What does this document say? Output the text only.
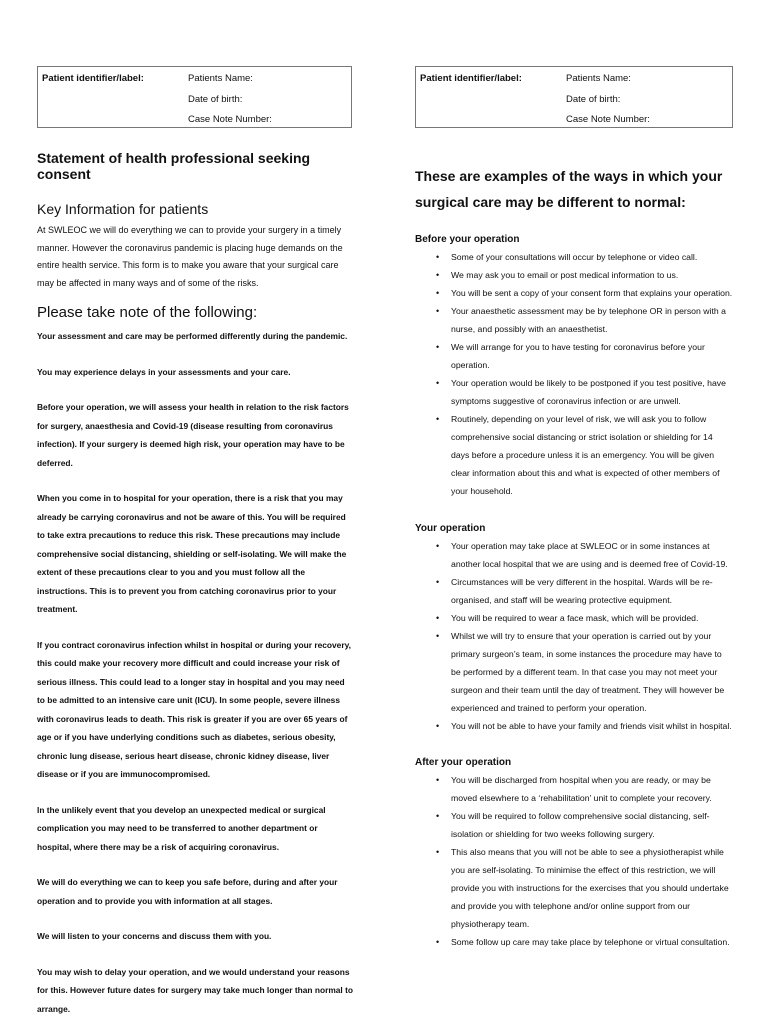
Patient identifier/label:	Patients Name:
Date of birth:
Case Note Number:
Statement of health professional seeking consent
Key Information for patients

At SWLEOC we will do everything we can to provide your surgery in a timely manner. However the coronavirus pandemic is placing huge demands on the entire health service. This form is to make you aware that your surgical care may be affected in many ways and of some of the risks.

Please take note of the following:

Your assessment and care may be performed differently during the pandemic.

You may experience delays in your assessments and your care.

Before your operation, we will assess your health in relation to the risk factors for surgery, anaesthesia and Covid-19 (disease resulting from coronavirus infection). If your surgery is deemed high risk, your operation may have to be deferred.

When you come in to hospital for your operation, there is a risk that you may already be carrying coronavirus and not be aware of this. You will be required to take extra precautions to reduce this risk. These precautions may include comprehensive social distancing, shielding or self-isolating. We will make the extent of these precautions clear to you and you must follow all the instructions. This is to prevent you from catching coronavirus prior to your treatment.

If you contract coronavirus infection whilst in hospital or during your recovery, this could make your recovery more difficult and could increase your risk of serious illness. This could lead to a longer stay in hospital and you may need to be admitted to an intensive care unit (ICU). In some people, severe illness with coronavirus leads to death. This risk is greater if you are over 65 years of age or if you have underlying conditions such as diabetes, serious obesity, chronic lung disease, serious heart disease, chronic kidney disease, liver disease or if you are immunocompromised.

In the unlikely event that you develop an unexpected medical or surgical complication you may need to be transferred to another department or hospital, where there may be a risk of acquiring coronavirus.

We will do everything we can to keep you safe before, during and after your operation and to provide you with information at all stages.

We will listen to your concerns and discuss them with you.

You may wish to delay your operation, and we would understand your reasons for this. However future dates for surgery may take much longer than normal to arrange.

Patient identifier/label:	Patients Name:
Date of birth:
Case Note Number:
These are examples of the ways in which your surgical care may be different to normal:
Before your operation
• Some of your consultations will occur by telephone or video call.
• We may ask you to email or post medical information to us.
• You will be sent a copy of your consent form that explains your operation.
• Your anaesthetic assessment may be by telephone OR in person with a nurse, and possibly with an anaesthetist.
• We will arrange for you to have testing for coronavirus before your operation.
• Your operation would be likely to be postponed if you test positive, have symptoms suggestive of coronavirus infection or are unwell.
• Routinely, depending on your level of risk, we will ask you to follow comprehensive social distancing or strict isolation or shielding for 14 days before a procedure unless it is an emergency. You will be given clear information about this and what is expected of other members of your household.
Your operation
• Your operation may take place at SWLEOC or in some instances at another local hospital that we are using and is deemed free of Covid-19.
• Circumstances will be very different in the hospital. Wards will be re-organised, and staff will be wearing protective equipment.
• You will be required to wear a face mask, which will be provided.
• Whilst we will try to ensure that your operation is carried out by your primary surgeon’s team, in some instances the procedure may have to be performed by a different team. In that case you may not meet your surgeon and their team until the day of treatment. They will however be experienced and trained to perform your operation.
• You will not be able to have your family and friends visit whilst in hospital.
After your operation
• You will be discharged from hospital when you are ready, or may be moved elsewhere to a ‘rehabilitation’ unit to complete your recovery.
• You will be required to follow comprehensive social distancing, self-isolation or shielding for two weeks following surgery.
• This also means that you will not be able to see a physiotherapist while you are self-isolating. To minimise the effect of this restriction, we will provide you with instructions for the exercises that you should undertake and provide you with telephone and/or online support from our physiotherapy team.
• Some follow up care may take place by telephone or virtual consultation.
